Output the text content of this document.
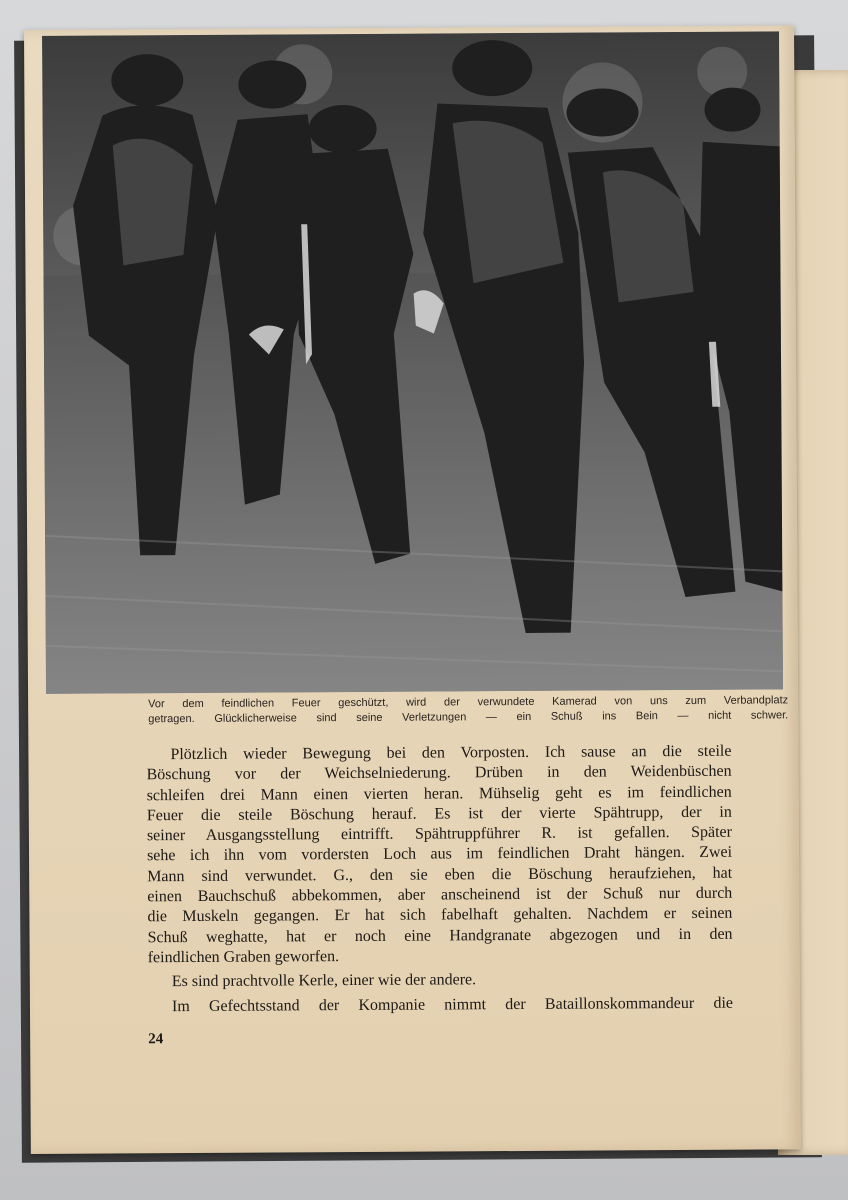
Vor dem feindlichen Feuer geschützt, wird der verwundete Kamerad von uns zum Verbandplatz
getragen. Glücklicherweise sind seine Verletzungen — ein Schuß ins Bein — nicht schwer.

Plötzlich wieder Bewegung bei den Vorposten. Ich sause an die steile
Böschung vor der Weichselniederung. Drüben in den Weidenbüschen
schleifen drei Mann einen vierten heran. Mühselig geht es im feindlichen
Feuer die steile Böschung herauf. Es ist der vierte Spähtrupp, der in
seiner Ausgangsstellung eintrifft. Spähtruppführer R. ist gefallen. Später
sehe ich ihn vom vordersten Loch aus im feindlichen Draht hängen. Zwei
Mann sind verwundet. G., den sie eben die Böschung heraufziehen, hat
einen Bauchschuß abbekommen, aber anscheinend ist der Schuß nur durch
die Muskeln gegangen. Er hat sich fabelhaft gehalten. Nachdem er seinen
Schuß weghatte, hat er noch eine Handgranate abgezogen und in den
feindlichen Graben geworfen.

Es sind prachtvolle Kerle, einer wie der andere.

Im Gefechtsstand der Kompanie nimmt der Bataillonskommandeur die

24
